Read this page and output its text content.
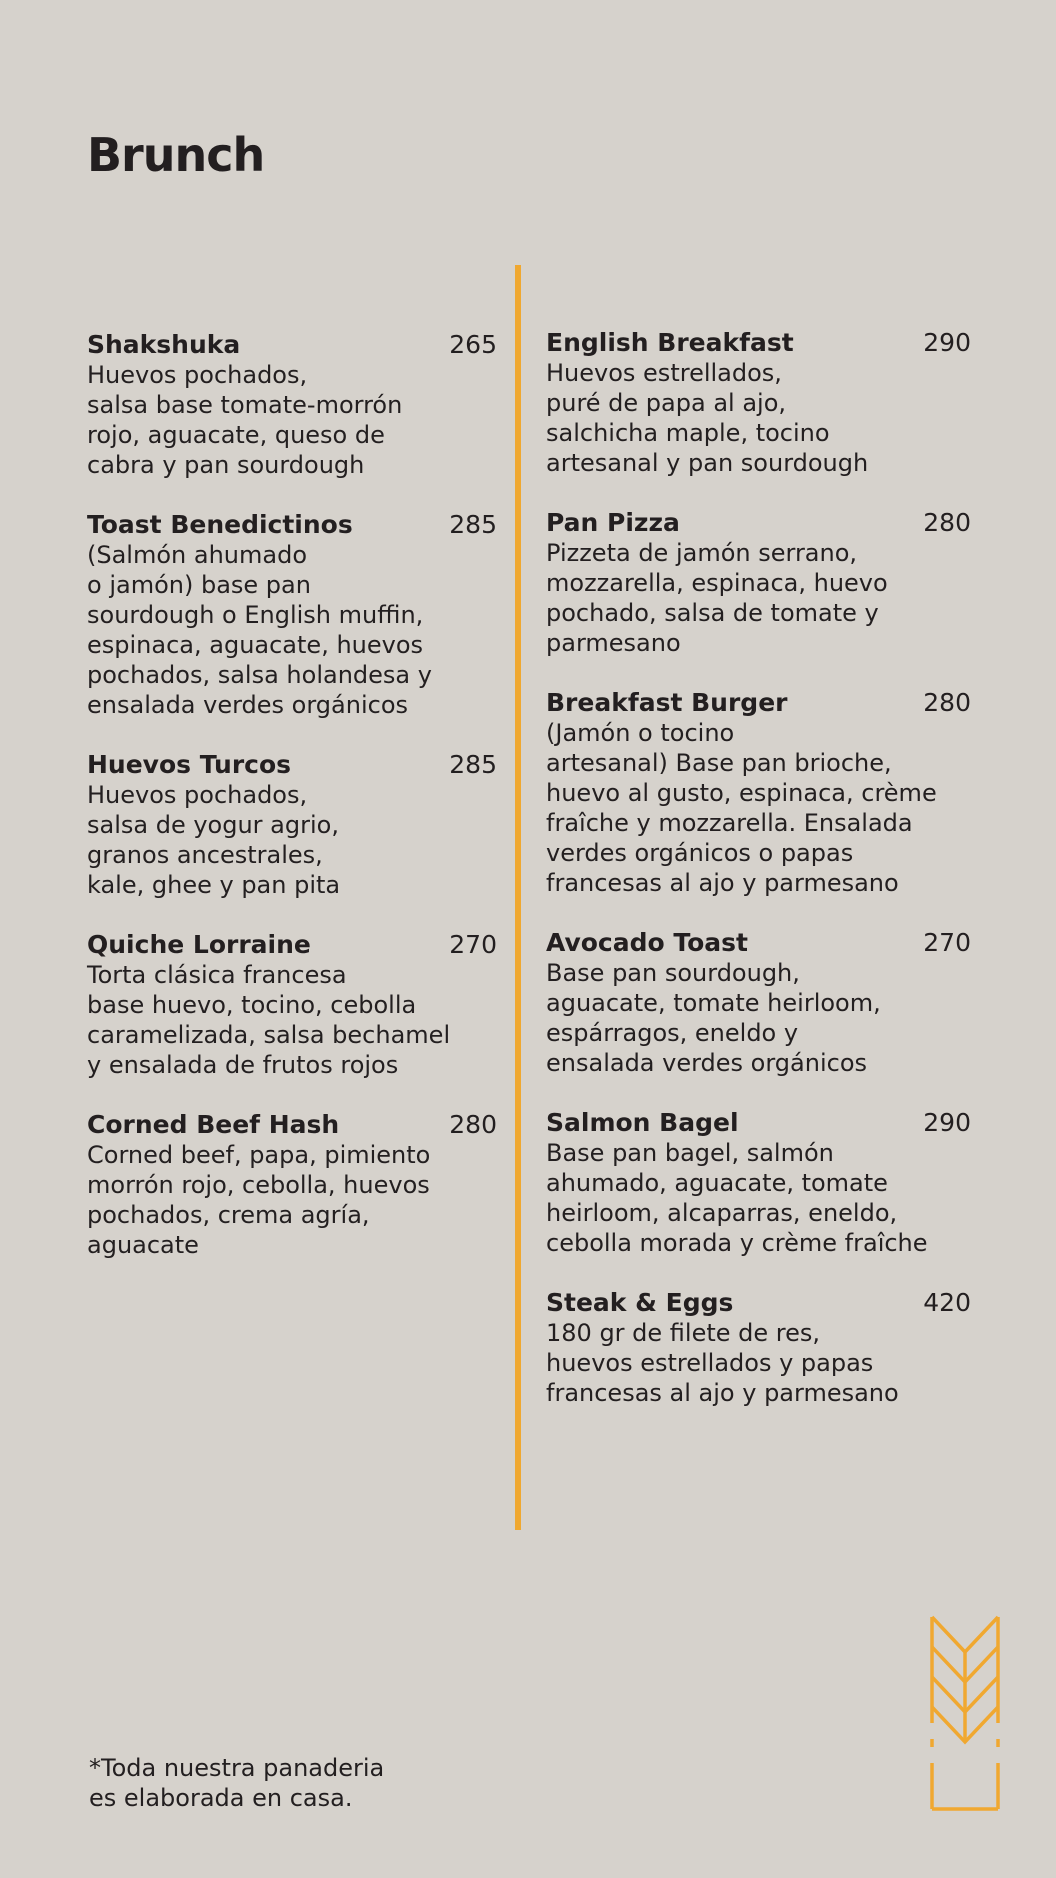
Brunch
Shakshuka	265

Huevos pochados,
salsa base tomate-morrón
rojo, aguacate, queso de
cabra y pan sourdough

Toast Benedictinos	285

(Salmón ahumado
o jamón) base pan
sourdough o English muffin,
espinaca, aguacate, huevos
pochados, salsa holandesa y
ensalada verdes orgánicos

Huevos Turcos	285

Huevos pochados,
salsa de yogur agrio,
granos ancestrales,
kale, ghee y pan pita

Quiche Lorraine	270

Torta clásica francesa
base huevo, tocino, cebolla
caramelizada, salsa bechamel
y ensalada de frutos rojos

Corned Beef Hash	280

Corned beef, papa, pimiento
morrón rojo, cebolla, huevos
pochados, crema agría,
aguacate

English Breakfast	290

Huevos estrellados,
puré de papa al ajo,
salchicha maple, tocino
artesanal y pan sourdough

Pan Pizza	280

Pizzeta de jamón serrano,
mozzarella, espinaca, huevo
pochado, salsa de tomate y
parmesano

Breakfast Burger	280

(Jamón o tocino
artesanal) Base pan brioche,
huevo al gusto, espinaca, crème
fraîche y mozzarella. Ensalada
verdes orgánicos o papas
francesas al ajo y parmesano

Avocado Toast	270

Base pan sourdough,
aguacate, tomate heirloom,
espárragos, eneldo y
ensalada verdes orgánicos

Salmon Bagel	290

Base pan bagel, salmón
ahumado, aguacate, tomate
heirloom, alcaparras, eneldo,
cebolla morada y crème fraîche

Steak & Eggs	420

180 gr de filete de res,
huevos estrellados y papas
francesas al ajo y parmesano

*Toda nuestra panaderia
es elaborada en casa.
